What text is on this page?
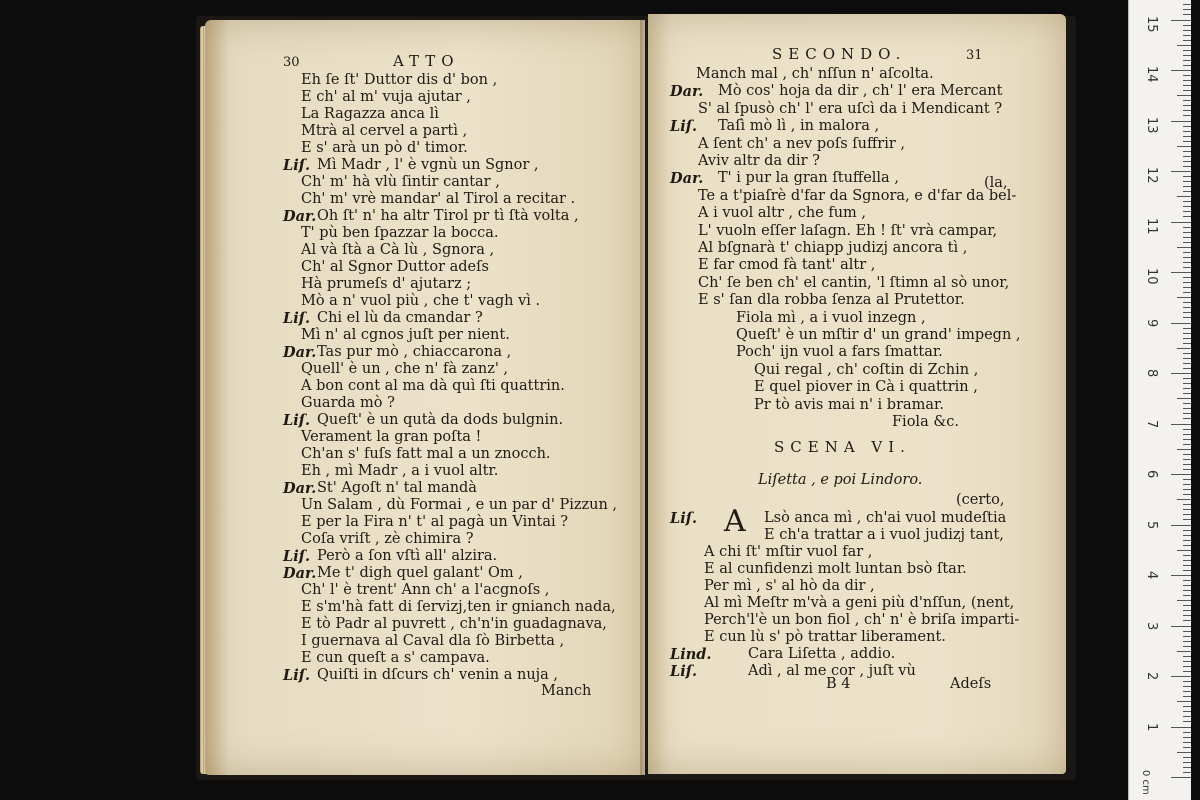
30	ATTO
Eh ſe ſt' Duttor dis d' bon ,
E ch' al m' vuja ajutar ,
La Ragazza anca lì
Mtrà al cervel a partì ,
E s' arà un pò d' timor.
Liſ. Mì Madr , l' è vgnù un Sgnor ,
Ch' m' hà vlù ſintir cantar ,
Ch' m' vrè mandar' al Tirol a recitar .
Dar. Oh ſt' n' ha altr Tirol pr tì ſtà volta ,
T' pù ben ſpazzar la bocca.
Al và ſtà a Cà lù , Sgnora ,
Ch' al Sgnor Duttor adeſs
Hà prumeſs d' ajutarz ;
Mò a n' vuol più , che t' vagh vì .
Liſ. Chi el lù da cmandar ?
Mì n' al cgnos juſt per nient.
Dar. Tas pur mò , chiaccarona ,
Quell' è un , che n' fà zanz' ,
A bon cont al ma dà quì ſti quattrin.
Guarda mò ?
Liſ. Queſt' è un qutà da dods bulgnin.
Verament la gran poſta !
Ch'an s' fuſs fatt mal a un znocch.
Eh , mì Madr , a i vuol altr.
Dar. St' Agoſt n' tal mandà
Un Salam , dù Formai , e un par d' Pizzun ,
E per la Fira n' t' al pagà un Vintai ?
Coſa vriſt , zè chimira ?
Liſ. Però a ſon vſtì all' alzira.
Dar. Me t' digh quel galant' Om ,
Ch' l' è trent' Ann ch' a l'acgnoſs ,
E s'm'hà fatt di ſervizj,ten ir gnianch nada,
E tò Padr al puvrett , ch'n'in guadagnava,
I guernava al Caval dla ſò Birbetta ,
E cun queſt a s' campava.
Liſ. Quiſti in dſcurs ch' venin a nuja ,
Manch
SECONDO.	31
Manch mal , ch' nſſun n' aſcolta.
Dar. Mò cos' hoja da dir , ch' l' era Mercant
S' al ſpusò ch' l' era uſcì da i Mendicant ?
Liſ. Taſì mò lì , in malora ,
A ſent ch' a nev poſs ſuffrir ,
Aviv altr da dir ?
Dar. T' i pur la gran ſtuffella ,
Te a t'piaſrè d'far da Sgnora, e d'far da bel-
A i vuol altr , che fum ,
L' vuoln eſſer laſagn. Eh ! ſt' vrà campar,
Al bſgnarà t' chiapp judizj ancora tì ,
E far cmod fà tant' altr ,
Ch' ſe ben ch' el cantin, 'l ſtimn al sò unor,
E s' ſan dla robba ſenza al Prutettor.
Fiola mì , a i vuol inzegn ,
Queſt' è un mſtir d' un grand' impegn ,
Poch' ijn vuol a fars ſmattar.
Qui regal , ch' coſtin di Zchin ,
E quel piover in Cà i quattrin ,
Pr tò avis mai n' i bramar.
Fiola &c.
(la,
SCENA VI.
Liſetta , e poi Lindoro.
(certo,
A
Liſ.	Lsò anca mì , ch'ai vuol mudeſtia
E ch'a trattar a i vuol judizj tant,
A chi ſt' mſtir vuol far ,
E al cunfidenzi molt luntan bsò ſtar.
Per mì , s' al hò da dir ,
Al mì Meſtr m'và a geni più d'nſſun, (nent,
Perch'l'è un bon fiol , ch' n' è briſa imparti-
E cun lù s' pò trattar liberament.
Lind.	Cara Liſetta , addio.
Liſ.	Adì , al me cor , juſt vù
B 4	Adeſs
1
2
3
4
5
6
7
8
9
10
11
12
13
14
15
0 cm
